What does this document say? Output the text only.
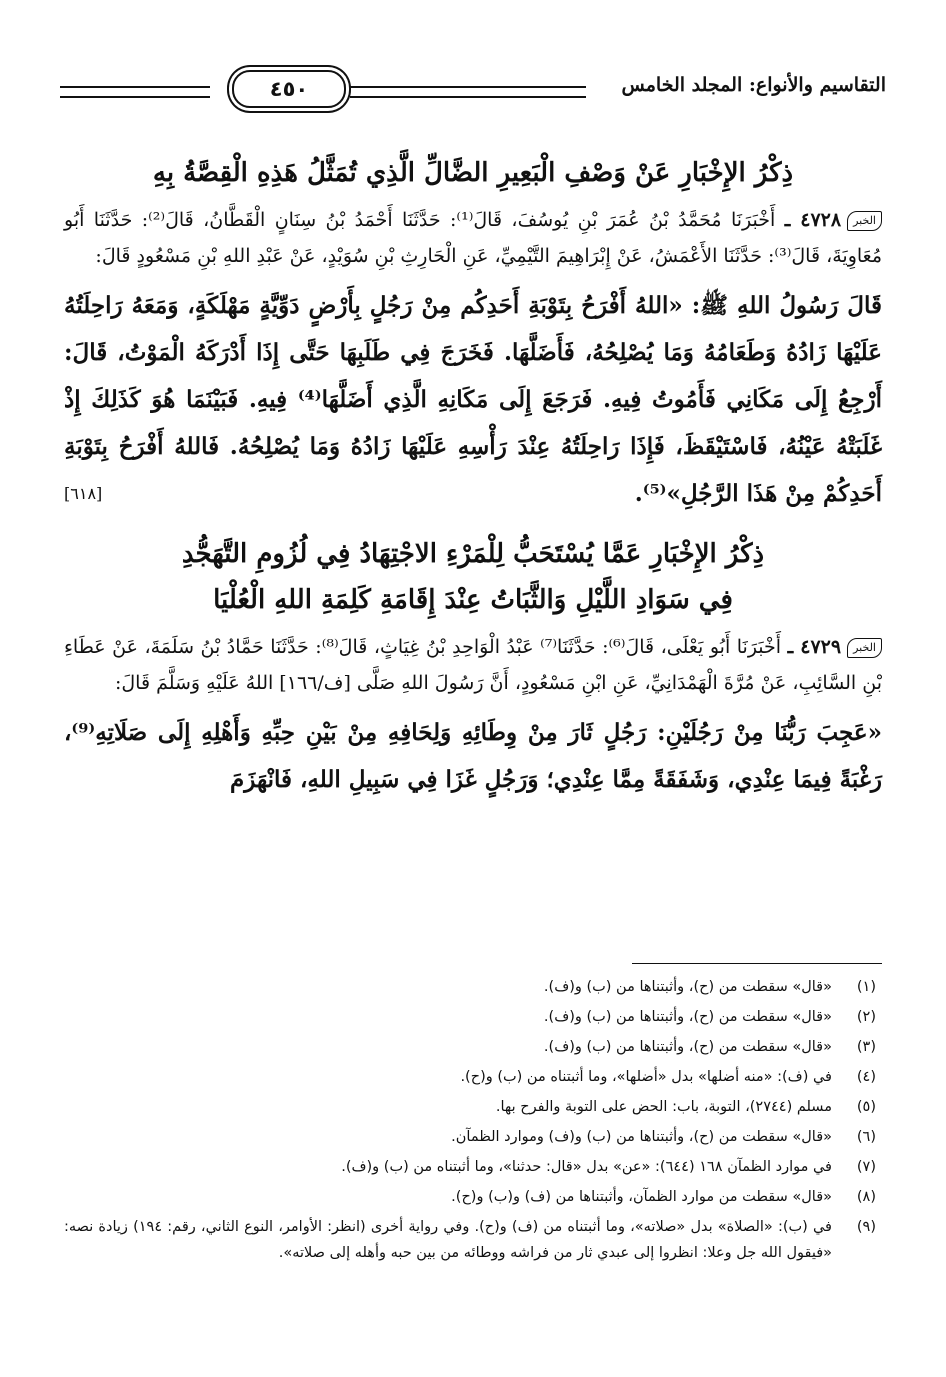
٤٥٠	التقاسيم والأنواع: المجلد الخامس
ذِكْرُ الإِخْبَارِ عَنْ وَصْفِ الْبَعِيرِ الضَّالِّ الَّذِي تُمَثَّلُ هَذِهِ الْقِصَّةُ بِهِ

الخبر٤٧٢٨ ـ أَخْبَرَنَا مُحَمَّدُ بْنُ عُمَرَ بْنِ يُوسُفَ، قَالَ⁽¹⁾: حَدَّثَنَا أَحْمَدُ بْنُ سِنَانٍ الْقَطَّانُ، قَالَ⁽²⁾: حَدَّثَنَا أَبُو مُعَاوِيَةَ، قَالَ⁽³⁾: حَدَّثَنَا الأَعْمَشُ، عَنْ إِبْرَاهِيمَ التَّيْمِيِّ، عَنِ الْحَارِثِ بْنِ سُوَيْدٍ، عَنْ عَبْدِ اللهِ بْنِ مَسْعُودٍ قَالَ:

قَالَ رَسُولُ اللهِ ﷺ: «اللهُ أَفْرَحُ بِتَوْبَةِ أَحَدِكُم مِنْ رَجُلٍ بِأَرْضٍ دَوِّيَّةٍ مَهْلَكَةٍ، وَمَعَهُ رَاحِلَتُهُ عَلَيْهَا زَادُهُ وَطَعَامُهُ وَمَا يُصْلِحُهُ، فَأَضَلَّهَا. فَخَرَجَ فِي طَلَبِهَا حَتَّى إِذَا أَدْرَكَهُ الْمَوْتُ، قَالَ: أَرْجِعُ إِلَى مَكَانِي فَأَمُوتُ فِيهِ. فَرَجَعَ إِلَى مَكَانِهِ الَّذِي أَضَلَّهَا⁽⁴⁾ فِيهِ. فَبَيْنَمَا هُوَ كَذَلِكَ إِذْ غَلَبَتْهُ عَيْنُهُ، فَاسْتَيْقَظَ، فَإِذَا رَاحِلَتُهُ عِنْدَ رَأْسِهِ عَلَيْهَا زَادُهُ وَمَا يُصْلِحُهُ. فَاللهُ أَفْرَحُ بِتَوْبَةِ أَحَدِكُمْ مِنْ هَذَا الرَّجُلِ»⁽⁵⁾.
[٦١٨]

ذِكْرُ الإِخْبَارِ عَمَّا يُسْتَحَبُّ لِلْمَرْءِ الاجْتِهَادُ فِي لُزُومِ التَّهَجُّدِ
فِي سَوَادِ اللَّيْلِ وَالثَّبَاتُ عِنْدَ إِقَامَةِ كَلِمَةِ اللهِ الْعُلْيَا

الخبر٤٧٢٩ ـ أَخْبَرَنَا أَبُو يَعْلَى، قَالَ⁽⁶⁾: حَدَّثَنَا⁽⁷⁾ عَبْدُ الْوَاحِدِ بْنُ غِيَاثٍ، قَالَ⁽⁸⁾: حَدَّثَنَا حَمَّادُ بْنُ سَلَمَةَ، عَنْ عَطَاءِ بْنِ السَّائِبِ، عَنْ مُرَّةَ الْهَمْدَانِيِّ، عَنِ ابْنِ مَسْعُودٍ، أَنَّ رَسُولَ اللهِ صَلَّى [ف/١٦٦] اللهُ عَلَيْهِ وَسَلَّمَ قَالَ:

«عَجِبَ رَبُّنَا مِنْ رَجُلَيْنِ: رَجُلٍ ثَارَ مِنْ وِطَائِهِ وَلِحَافِهِ مِنْ بَيْنِ حِبِّهِ وَأَهْلِهِ إِلَى صَلَاتِهِ⁽⁹⁾، رَغْبَةً فِيمَا عِنْدِي، وَشَفَقَةً مِمَّا عِنْدِي؛ وَرَجُلٍ غَزَا فِي سَبِيلِ اللهِ، فَانْهَزَمَ

(١)
«قال» سقطت من (ح)، وأثبتناها من (ب) و(ف).
(٢)
«قال» سقطت من (ح)، وأثبتناها من (ب) و(ف).
(٣)
«قال» سقطت من (ح)، وأثبتناها من (ب) و(ف).
(٤)
في (ف): «منه أضلها» بدل «أضلها»، وما أثبتناه من (ب) و(ح).
(٥)
مسلم (٢٧٤٤)، التوبة، باب: الحض على التوبة والفرح بها.
(٦)
«قال» سقطت من (ح)، وأثبتناها من (ب) و(ف) وموارد الظمآن.
(٧)
في موارد الظمآن ١٦٨ (٦٤٤): «عن» بدل «قال: حدثنا»، وما أثبتناه من (ب) و(ف).
(٨)
«قال» سقطت من موارد الظمآن، وأثبتناها من (ف) و(ب) و(ح).
(٩)
في (ب): «الصلاة» بدل «صلاته»، وما أثبتناه من (ف) و(ح). وفي رواية أخرى (انظر: الأوامر، النوع الثاني، رقم: ١٩٤) زيادة نصه: «فيقول الله جل وعلا: انظروا إلى عبدي ثار من فراشه ووطائه من بين حبه وأهله إلى صلاته».
